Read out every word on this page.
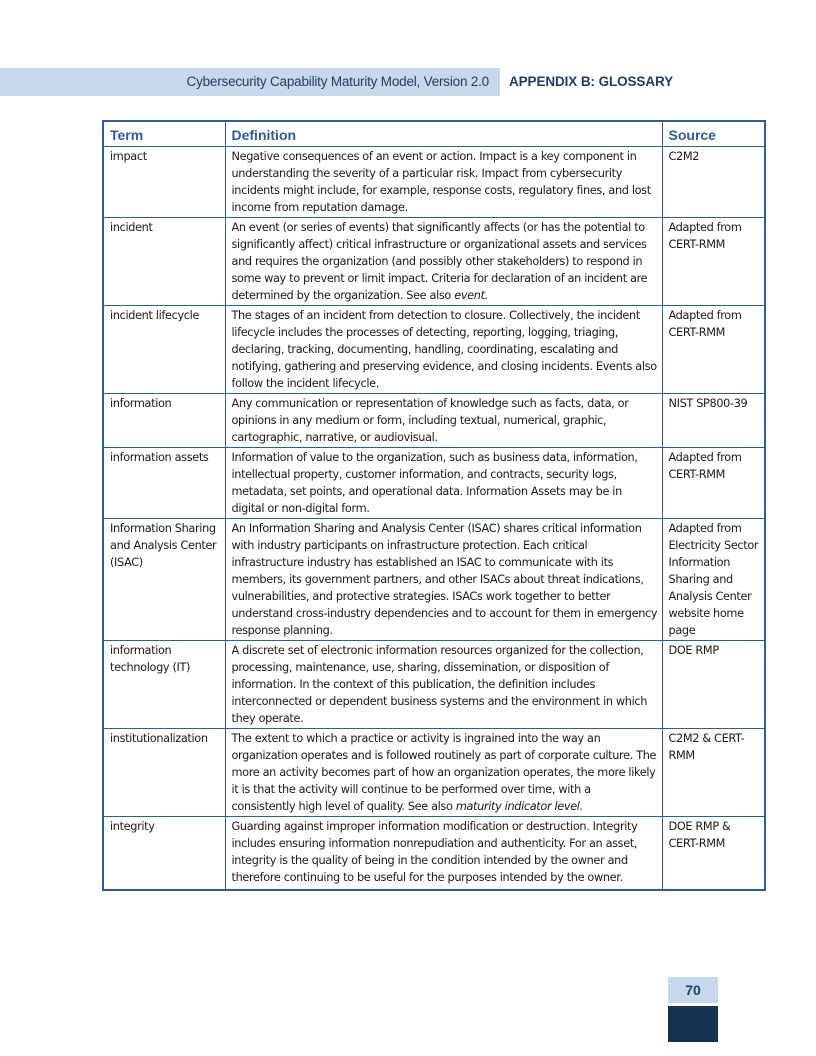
Cybersecurity Capability Maturity Model, Version 2.0 APPENDIX B: GLOSSARY
Term	Definition	Source
impact	Negative consequences of an event or action. Impact is a key component in understanding the severity of a particular risk. Impact from cybersecurity incidents might include, for example, response costs, regulatory fines, and lost income from reputation damage.	C2M2
incident	An event (or series of events) that significantly affects (or has the potential to significantly affect) critical infrastructure or organizational assets and services and requires the organization (and possibly other stakeholders) to respond in some way to prevent or limit impact. Criteria for declaration of an incident are determined by the organization. See also event.	Adapted from CERT-RMM
incident lifecycle	The stages of an incident from detection to closure. Collectively, the incident lifecycle includes the processes of detecting, reporting, logging, triaging, declaring, tracking, documenting, handling, coordinating, escalating and notifying, gathering and preserving evidence, and closing incidents. Events also follow the incident lifecycle.	Adapted from CERT-RMM
information	Any communication or representation of knowledge such as facts, data, or opinions in any medium or form, including textual, numerical, graphic, cartographic, narrative, or audiovisual.	NIST SP800-39
information assets	Information of value to the organization, such as business data, information, intellectual property, customer information, and contracts, security logs, metadata, set points, and operational data. Information Assets may be in digital or non-digital form.	Adapted from CERT-RMM
Information Sharing and Analysis Center (ISAC)	An Information Sharing and Analysis Center (ISAC) shares critical information with industry participants on infrastructure protection. Each critical infrastructure industry has established an ISAC to communicate with its members, its government partners, and other ISACs about threat indications, vulnerabilities, and protective strategies. ISACs work together to better understand cross-industry dependencies and to account for them in emergency response planning.	Adapted from Electricity Sector Information Sharing and Analysis Center website home page
information technology (IT)	A discrete set of electronic information resources organized for the collection, processing, maintenance, use, sharing, dissemination, or disposition of information. In the context of this publication, the definition includes interconnected or dependent business systems and the environment in which they operate.	DOE RMP
institutionalization	The extent to which a practice or activity is ingrained into the way an organization operates and is followed routinely as part of corporate culture. The more an activity becomes part of how an organization operates, the more likely it is that the activity will continue to be performed over time, with a consistently high level of quality. See also maturity indicator level.	C2M2 & CERT-RMM
integrity	Guarding against improper information modification or destruction. Integrity includes ensuring information nonrepudiation and authenticity. For an asset, integrity is the quality of being in the condition intended by the owner and therefore continuing to be useful for the purposes intended by the owner.	DOE RMP & CERT-RMM
70
